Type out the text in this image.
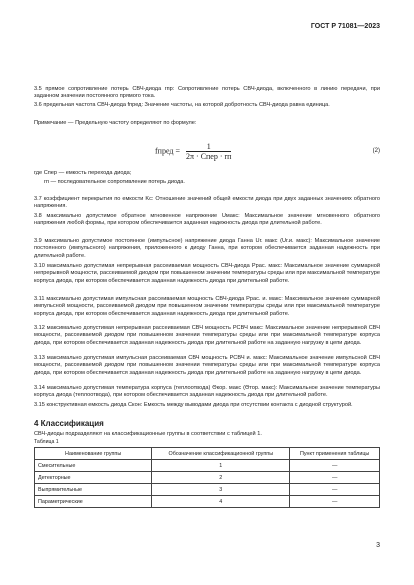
ГОСТ Р 71081—2023
3.5 прямое сопротивление потерь СВЧ-диода rпр: Сопротивление потерь СВЧ-диода, включенного в линию передачи, при заданном значении постоянного прямого тока.
3.6 предельная частота СВЧ-диода fпред: Значение частоты, на которой добротность СВЧ-диода равна единица.
Примечание — Предельную частоту определяют по формуле:
fпред =	1
2π · Cпер · rп
(2)
где Cпер — емкость перехода диода;
rп — последовательное сопротивление потерь диода.
3.7 коэффициент перекрытия по емкости Kс: Отношение значений общей емкости диода при двух заданных значениях обратного напряжения.
3.8 максимально допустимое обратное мгновенное напряжение Uмакс: Максимальное значение мгновенного обратного напряжения любой формы, при котором обеспечивается заданная надежность диода при длительной работе.
3.9 максимально допустимое постоянное (импульсное) напряжение диода Ганна Uг. макс (Uг.и. макс): Максимальное значение постоянного (импульсного) напряжения, приложенного к диоду Ганна, при котором обеспечивается заданная надежность при длительной работе.
3.10 максимально допустимая непрерывная рассеиваемая мощность СВЧ-диода Ppac. макс: Максимальное значение суммарной непрерывной мощности, рассеиваемой диодом при повышенном значении температуры среды или при максимальной температуре корпуса диода, при котором обеспечивается заданная надежность диода при длительной работе.
3.11 максимально допустимая импульсная рассеиваемая мощность СВЧ-диода Ppac. и. макс: Максимальное значение суммарной импульсной мощности, рассеиваемой диодом при повышенном значении температуры среды или при максимальной температуре корпуса диода, при котором обеспечивается заданная надежность диода при длительной работе.
3.12 максимально допустимая непрерывная рассеиваемая СВЧ мощность PСВЧ макс: Максимальное значение непрерывной СВЧ мощности, рассеиваемой диодом при повышенном значении температуры среды или при максимальной температуре корпуса диода, при котором обеспечивается заданная надежность диода при длительной работе на заданную нагрузку в цепи диода.
3.13 максимально допустимая импульсная рассеиваемая СВЧ мощность PСВЧ и. макс: Максимальное значение импульсной СВЧ мощности, рассеиваемой диодом при повышенном значении температуры среды или при максимальной температуре корпуса диода, при котором обеспечивается заданная надежность диода при длительной работе на заданную нагрузку в цепи диода.
3.14 максимально допустимая температура корпуса (теплоотвода) Θкор. макс (Θтор. макс): Максимальное значение температуры корпуса диода (теплоотвода), при котором обеспечивается заданная надежность диода при длительной работе.
3.15 конструктивная емкость диода Cкон: Емкость между выводами диода при отсутствии контакта с диодной структурой.
4 Классификация
Наименование группы	Обозначение классификационной группы	Пункт применения таблицы
Смесительные	1	—
Детекторные	2	—
Выпрямительные	3	—
Параметрические	4	—
СВЧ-диоды подразделяют на классификационные группы в соответствии с таблицей 1.
Таблица 1
3
